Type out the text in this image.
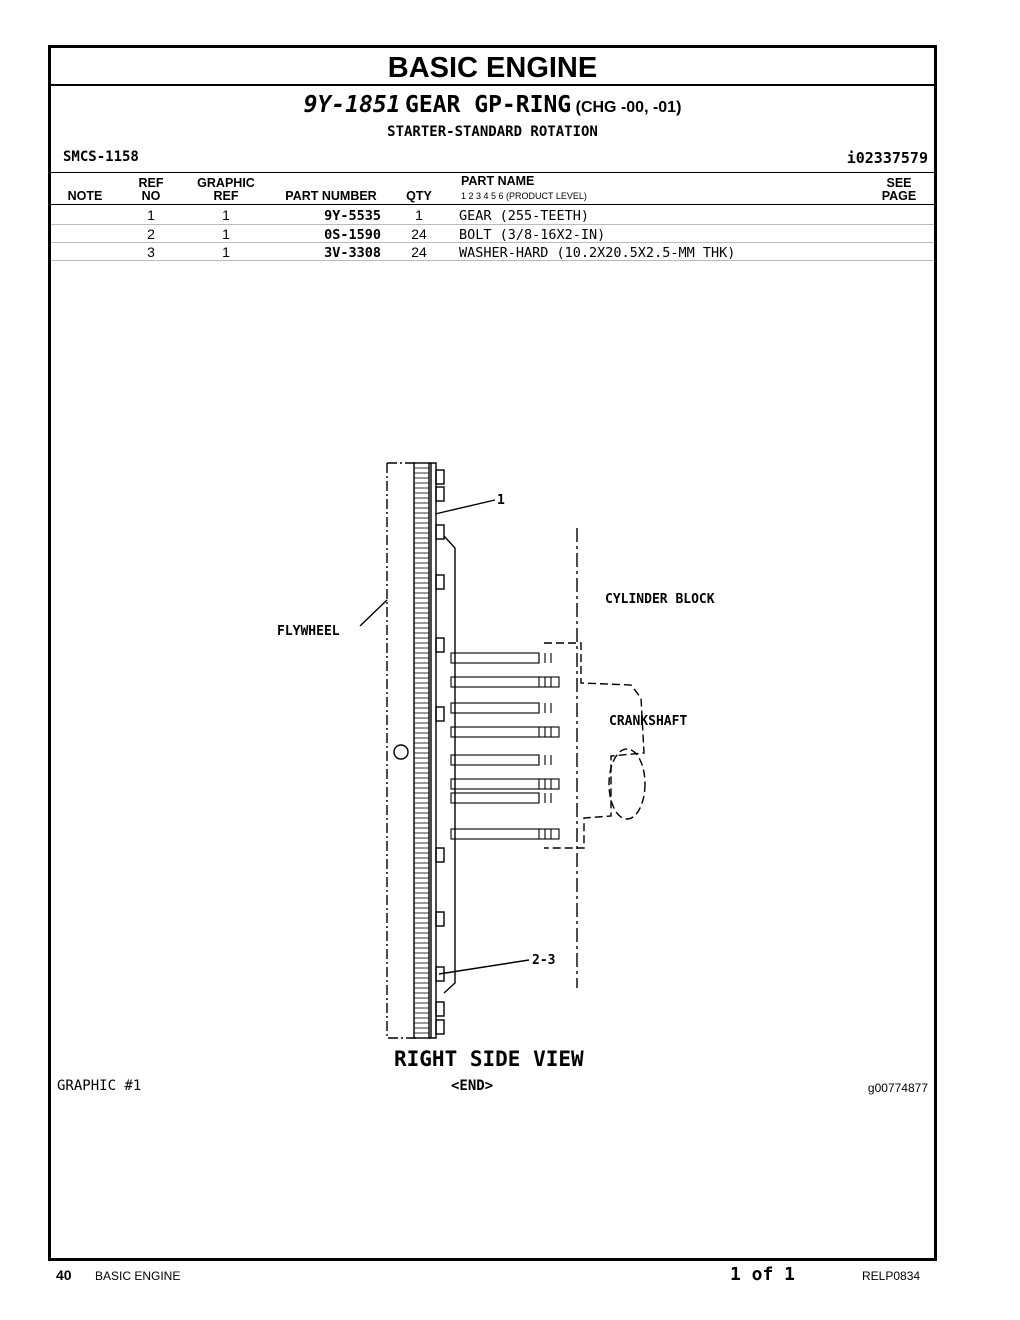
BASIC ENGINE
9Y-1851 GEAR GP-RING (CHG -00, -01)
STARTER-STANDARD ROTATION
SMCS-1158	i02337579
NOTE
REF
NO
GRAPHIC
REF	PART NUMBER	QTY
PART NAME
1 2 3 4 5 6 (PRODUCT LEVEL)
SEE
PAGE
1	1	9Y-5535	1	GEAR (255-TEETH)
2	1	0S-1590	24	BOLT (3/8-16X2-IN)
3	1	3V-3308	24	WASHER-HARD (10.2X20.5X2.5-MM THK)
1
2-3
FLYWHEEL
CYLINDER BLOCK
CRANKSHAFT
RIGHT SIDE VIEW
GRAPHIC #1	<END>	g00774877
40 BASIC ENGINE	1 of 1	RELP0834
